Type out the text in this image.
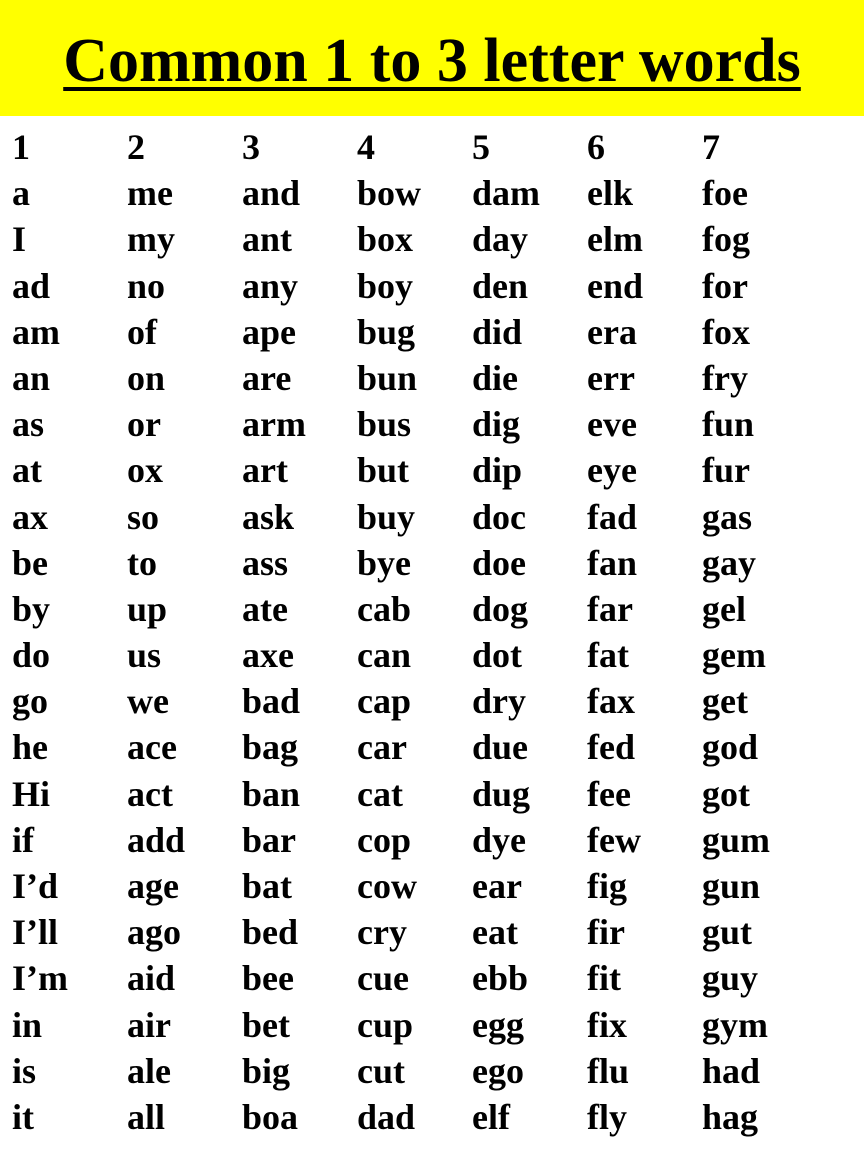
Common 1 to 3 letter words
1
a
I
ad
am
an
as
at
ax
be
by
do
go
he
Hi
if
I’d
I’ll
I’m
in
is
it
2
me
my
no
of
on
or
ox
so
to
up
us
we
ace
act
add
age
ago
aid
air
ale
all
3
and
ant
any
ape
are
arm
art
ask
ass
ate
axe
bad
bag
ban
bar
bat
bed
bee
bet
big
boa
4
bow
box
boy
bug
bun
bus
but
buy
bye
cab
can
cap
car
cat
cop
cow
cry
cue
cup
cut
dad
5
dam
day
den
did
die
dig
dip
doc
doe
dog
dot
dry
due
dug
dye
ear
eat
ebb
egg
ego
elf
6
elk
elm
end
era
err
eve
eye
fad
fan
far
fat
fax
fed
fee
few
fig
fir
fit
fix
flu
fly
7
foe
fog
for
fox
fry
fun
fur
gas
gay
gel
gem
get
god
got
gum
gun
gut
guy
gym
had
hag
